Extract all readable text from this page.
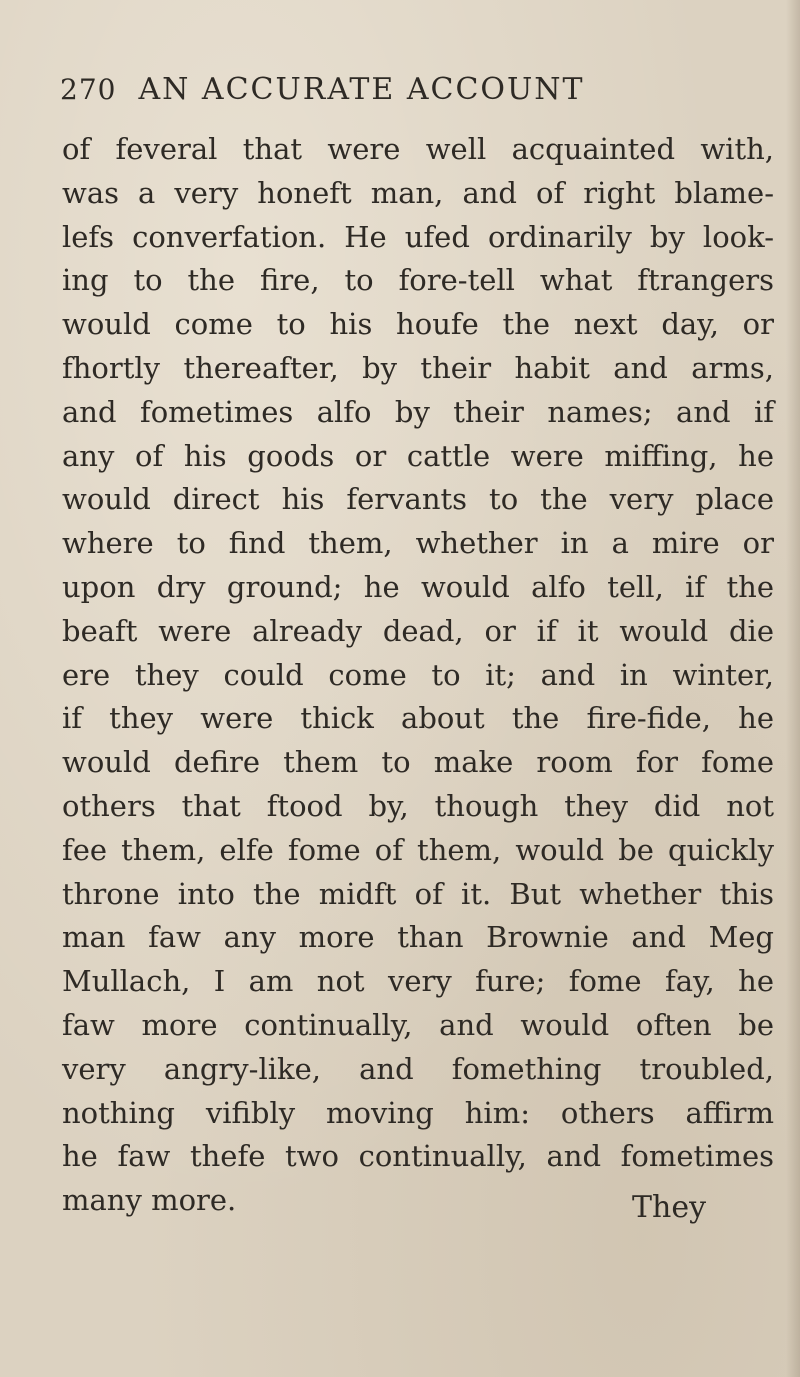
270 AN ACCURATE ACCOUNT
of feveral that were well acquainted with,
was a very honeft man, and of right blame-
lefs converfation. He ufed ordinarily by look-
ing to the fire, to fore-tell what ftrangers
would come to his houfe the next day, or
fhortly thereafter, by their habit and arms,
and fometimes alfo by their names; and if
any of his goods or cattle were miffing, he
would direct his fervants to the very place
where to find them, whether in a mire or
upon dry ground; he would alfo tell, if the
beaft were already dead, or if it would die
ere they could come to it; and in winter,
if they were thick about the fire-fide, he
would defire them to make room for fome
others that ftood by, though they did not
fee them, elfe fome of them, would be quickly
throne into the midft of it. But whether this
man faw any more than Brownie and Meg
Mullach, I am not very fure; fome fay, he
faw more continually, and would often be
very angry-like, and fomething troubled,
nothing vifibly moving him: others affirm
he faw thefe two continually, and fometimes
many more.	They
